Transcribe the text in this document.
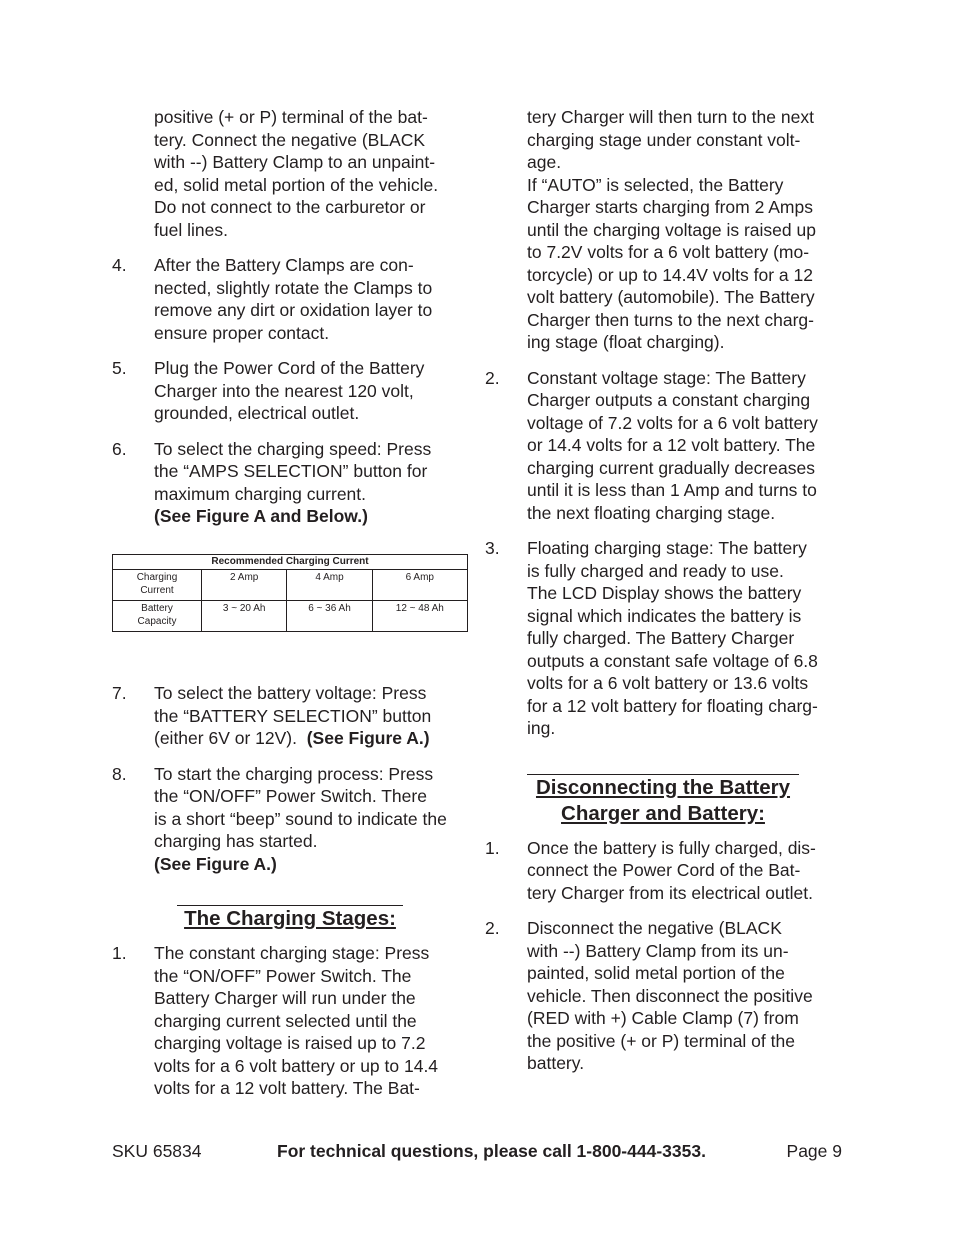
positive (+ or P) terminal of the bat-

tery. Connect the negative (BLACK

with --) Battery Clamp to an unpaint-

ed, solid metal portion of the vehicle.

Do not connect to the carburetor or

fuel lines.

4.	After the Battery Clamps are con-

nected, slightly rotate the Clamps to

remove any dirt or oxidation layer to

ensure proper contact.

5.	Plug the Power Cord of the Battery

Charger into the nearest 120 volt,

grounded, electrical outlet.

6.	To select the charging speed: Press

the “AMPS SELECTION” button for

maximum charging current.

(See Figure A and Below.)

Recommended Charging Current			

Charging
Current	2 Amp	4 Amp	6 Amp

Battery
Capacity	3 ~ 20 Ah	6 ~ 36 Ah	12 ~ 48 Ah
7.	To select the battery voltage: Press

the “BATTERY SELECTION” button

(either 6V or 12V).  (See Figure A.)

8.	To start the charging process: Press

the “ON/OFF” Power Switch. There

is a short “beep” sound to indicate the

charging has started.

(See Figure A.)

The Charging Stages:
1.	The constant charging stage: Press

the “ON/OFF” Power Switch. The

Battery Charger will run under the

charging current selected until the

charging voltage is raised up to 7.2

volts for a 6 volt battery or up to 14.4

volts for a 12 volt battery. The Bat-

tery Charger will then turn to the next

charging stage under constant volt-

age.

If “AUTO” is selected, the Battery

Charger starts charging from 2 Amps

until the charging voltage is raised up

to 7.2V volts for a 6 volt battery (mo-

torcycle) or up to 14.4V volts for a 12

volt battery (automobile). The Battery

Charger then turns to the next charg-

ing stage (float charging).

2.	Constant voltage stage: The Battery

Charger outputs a constant charging

voltage of 7.2 volts for a 6 volt battery

or 14.4 volts for a 12 volt battery. The

charging current gradually decreases

until it is less than 1 Amp and turns to

the next floating charging stage.

3.	Floating charging stage: The battery

is fully charged and ready to use.

The LCD Display shows the battery

signal which indicates the battery is

fully charged. The Battery Charger

outputs a constant safe voltage of 6.8

volts for a 6 volt battery or 13.6 volts

for a 12 volt battery for floating charg-

ing.

Disconnecting the Battery
Charger and Battery:
1.	Once the battery is fully charged, dis-

connect the Power Cord of the Bat-

tery Charger from its electrical outlet.

2.	Disconnect the negative (BLACK

with --) Battery Clamp from its un-

painted, solid metal portion of the

vehicle. Then disconnect the positive

(RED with +) Cable Clamp (7) from

the positive (+ or P) terminal of the

battery.

SKU 65834	For technical questions, please call 1-800-444-3353.	Page 9
